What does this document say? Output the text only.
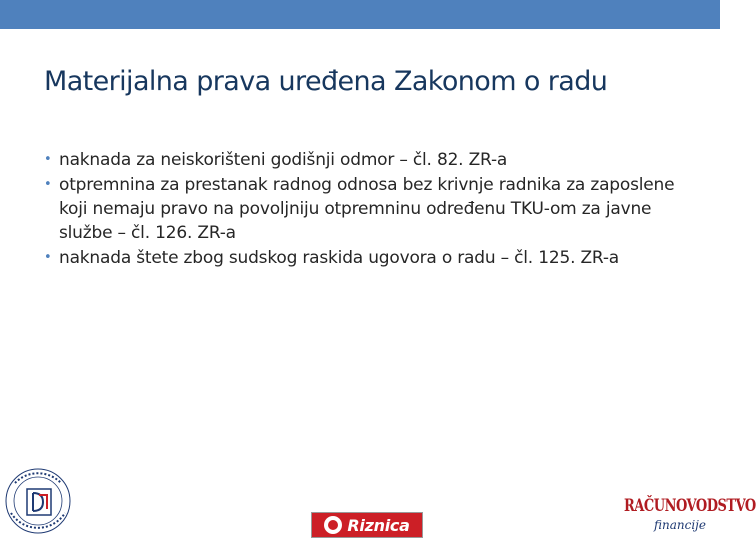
Materijalna prava uređena Zakonom o radu
• naknada za neiskorišteni godišnji odmor – čl. 82. ZR-a
• otpremnina za prestanak radnog odnosa bez krivnje radnika za zaposlene koji nemaju pravo na povoljniju otpremninu određenu TKU-om za javne službe – čl. 126. ZR-a
• naknada štete zbog sudskog raskida ugovora o radu – čl. 125. ZR-a
Riznica
RAČUNOVODSTVO
financije
